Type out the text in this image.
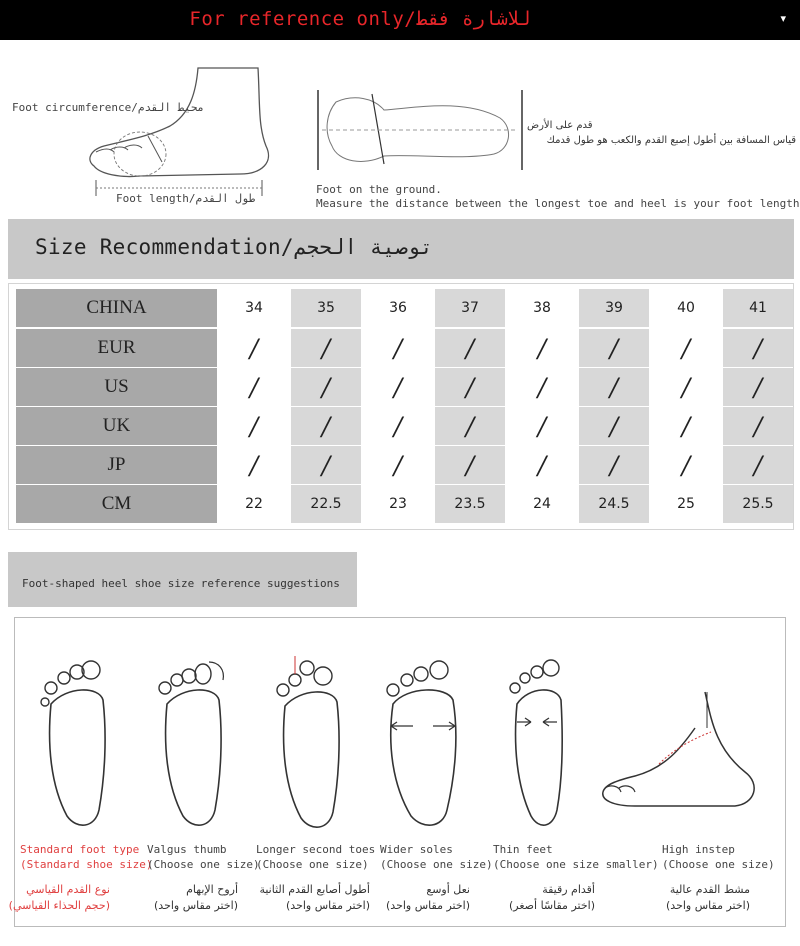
For reference only/للاشارة فقط	▾
Foot circumference/محيط القدم
Foot length/طول القدم
قدم على الأرض
قياس المسافة بين أطول إصبع القدم والكعب هو طول قدمك
Foot on the ground.
Measure the distance between the longest toe and heel is your foot length
Size Recommendation/توصية الحجم
CHINA	34	35	36	37	38	39	40	41
EUR	/	/	/	/	/	/	/	/
US	/	/	/	/	/	/	/	/
UK	/	/	/	/	/	/	/	/
JP	/	/	/	/	/	/	/	/
CM	22	22.5	23	23.5	24	24.5	25	25.5
Foot-shaped heel shoe size reference suggestions
Standard foot type
(Standard shoe size)
نوع القدم القياسي
(حجم الحذاء القياسي)
Valgus thumb
(Choose one size)
أروح الإبهام
(اختر مقاس واحد)
Longer second toes
(Choose one size)
أطول أصابع القدم الثانية
(اختر مقاس واحد)
Wider soles
(Choose one size)
نعل أوسع
(اختر مقاس واحد)
Thin feet
(Choose one size smaller)
أقدام رقيقة
(اختر مقاسًا أصغر)
High instep
(Choose one size)
مشط القدم عالية
(اختر مقاس واحد)
